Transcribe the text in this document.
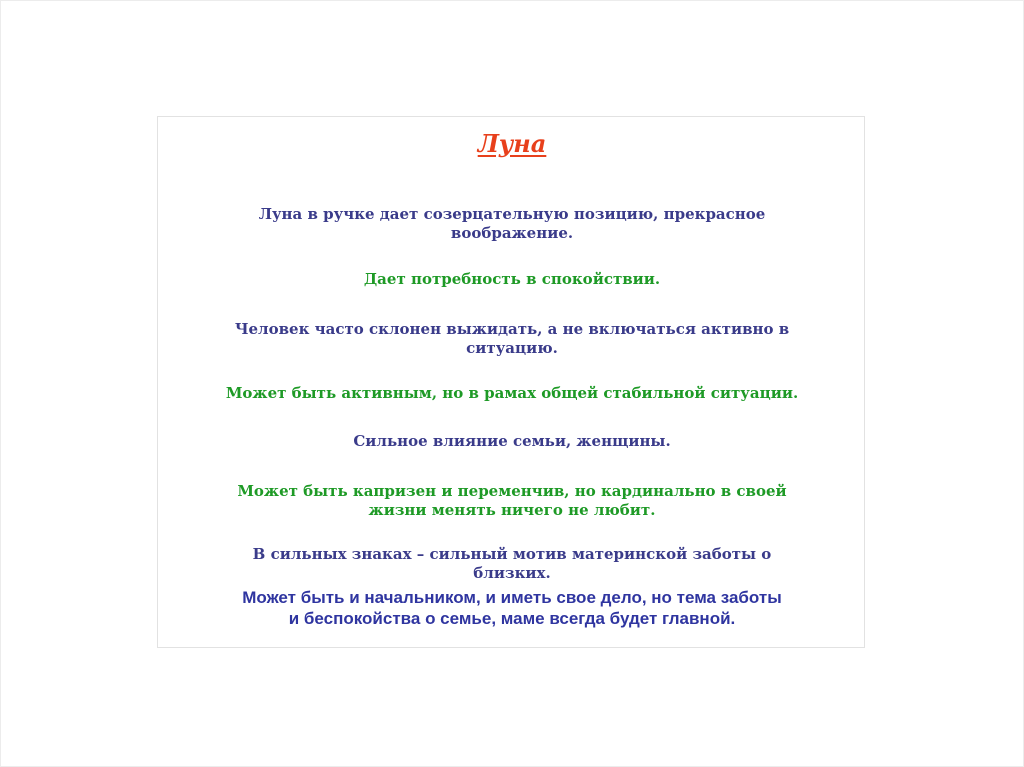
Луна

Луна в ручке дает созерцательную позицию, прекрасное
воображение.

Дает потребность в спокойствии.

Человек часто склонен выжидать, а не включаться активно в
ситуацию.

Может быть активным, но в рамах общей стабильной ситуации.

Сильное влияние семьи, женщины.

Может быть капризен и переменчив, но кардинально в своей
жизни менять ничего не любит.

В сильных знаках – сильный мотив материнской заботы о
близких.

Может быть и начальником, и иметь свое дело, но тема заботы
и беспокойства о семье, маме всегда будет главной.
